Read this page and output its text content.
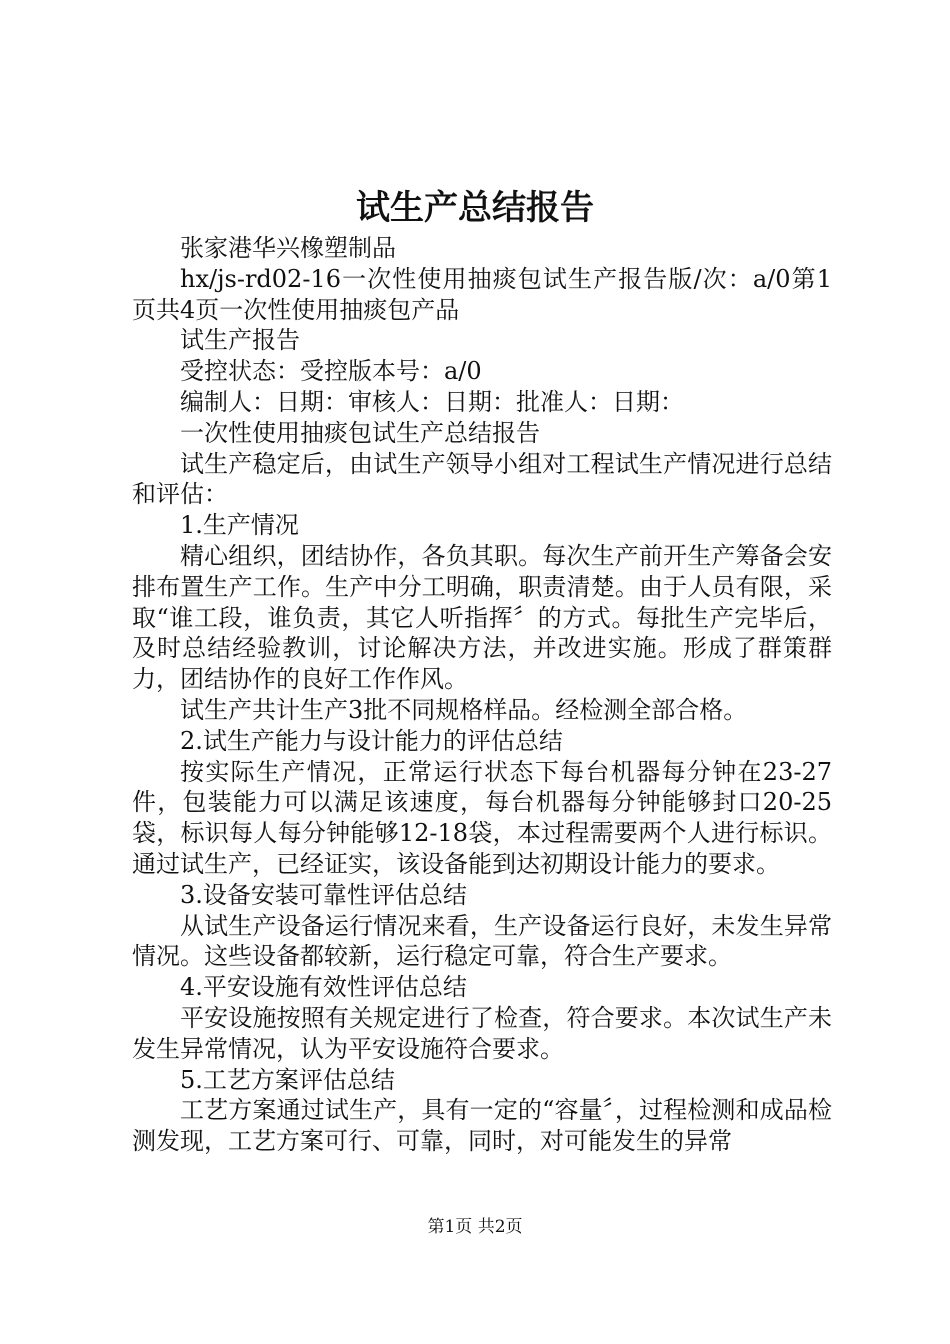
试生产总结报告

张家港华兴橡塑制品

hx/js-rd02-16一次性使用抽痰包试生产报告版/次：a/0第1页共4页一次性使用抽痰包产品

试生产报告

受控状态：受控版本号：a/0

编制人：日期：审核人：日期：批准人：日期：

一次性使用抽痰包试生产总结报告

试生产稳定后，由试生产领导小组对工程试生产情况进行总结和评估：

1.生产情况

精心组织，团结协作，各负其职。每次生产前开生产筹备会安排布置生产工作。生产中分工明确，职责清楚。由于人员有限，采取“谁工段，谁负责，其它人听指挥〞的方式。每批生产完毕后，及时总结经验教训，讨论解决方法，并改进实施。形成了群策群力，团结协作的良好工作作风。

试生产共计生产3批不同规格样品。经检测全部合格。

2.试生产能力与设计能力的评估总结

按实际生产情况，正常运行状态下每台机器每分钟在23-27件，包装能力可以满足该速度，每台机器每分钟能够封口20-25袋，标识每人每分钟能够12-18袋，本过程需要两个人进行标识。通过试生产，已经证实，该设备能到达初期设计能力的要求。

3.设备安装可靠性评估总结

从试生产设备运行情况来看，生产设备运行良好，未发生异常情况。这些设备都较新，运行稳定可靠，符合生产要求。

4.平安设施有效性评估总结

平安设施按照有关规定进行了检查，符合要求。本次试生产未发生异常情况，认为平安设施符合要求。

5.工艺方案评估总结

工艺方案通过试生产，具有一定的“容量〞，过程检测和成品检测发现，工艺方案可行、可靠，同时，对可能发生的异常

第1页 共2页
